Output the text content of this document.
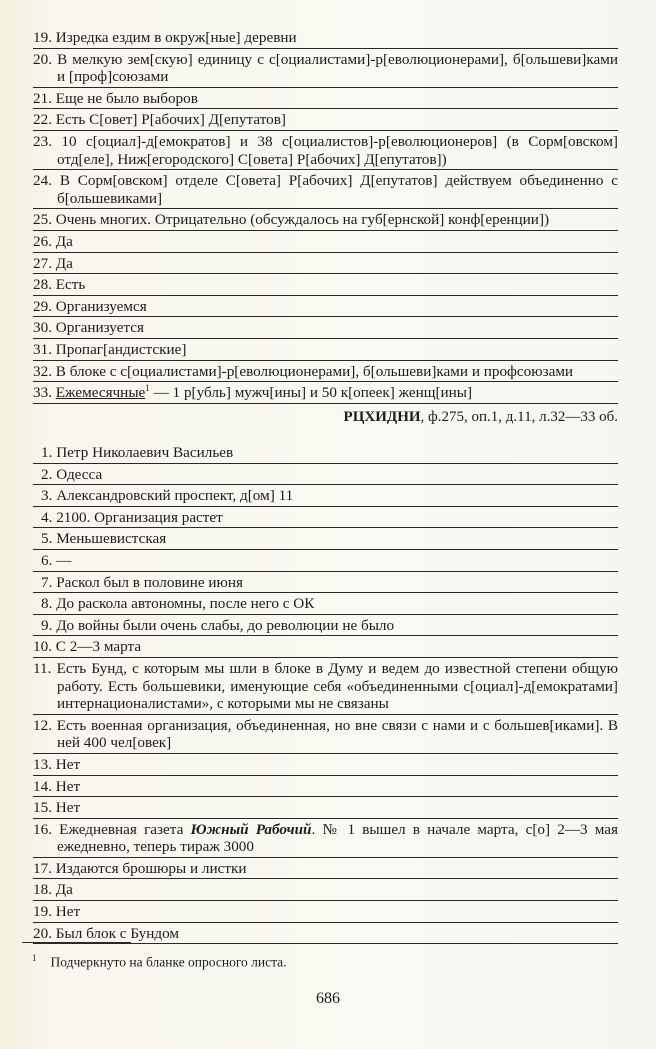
19. Изредка ездим в окруж[ные] деревни
20. В мелкую зем[скую] единицу с с[оциалистами]-р[еволюционерами], б[ольшеви]ками и [проф]союзами
21. Еще не было выборов
22. Есть С[овет] Р[абочих] Д[епутатов]
23. 10 с[оциал]-д[емократов] и 38 с[оциалистов]-р[еволюционеров] (в Сорм[овском] отд[еле], Ниж[егородского] С[овета] Р[абочих] Д[епутатов])
24. В Сорм[овском] отделе С[овета] Р[абочих] Д[епутатов] действуем объединенно с б[ольшевиками]
25. Очень многих. Отрицательно (обсуждалось на губ[ернской] конф[еренции])
26. Да
27. Да
28. Есть
29. Организуемся
30. Организуется
31. Пропаг[андистские]
32. В блоке с с[оциалистами]-р[еволюционерами], б[ольшеви]ками и профсоюзами
33. Ежемесячные$^1$ — 1 р[убль] мужч[ины] и 50 к[опеек] женщ[ины]
РЦХИДНИ, ф.275, оп.1, д.11, л.32—33 об.
1. Петр Николаевич Васильев
2. Одесса
3. Александровский проспект, д[ом] 11
4. 2100. Организация растет
5. Меньшевистская
6. —
7. Раскол был в половине июня
8. До раскола автономны, после него с ОК
9. До войны были очень слабы, до революции не было
10. С 2—3 марта
11. Есть Бунд, с которым мы шли в блоке в Думу и ведем до известной степени общую работу. Есть большевики, именующие себя «объединенными с[оциал]-д[емократами] интернационалистами», с которыми мы не связаны
12. Есть военная организация, объединенная, но вне связи с нами и с большев[иками]. В ней 400 чел[овек]
13. Нет
14. Нет
15. Нет
16. Ежедневная газета Южный Рабочий. № 1 вышел в начале марта, с[о] 2—3 мая ежедневно, теперь тираж 3000
17. Издаются брошюры и листки
18. Да
19. Нет
20. Был блок с Бундом
$^1$ Подчеркнуто на бланке опросного листа.
686
